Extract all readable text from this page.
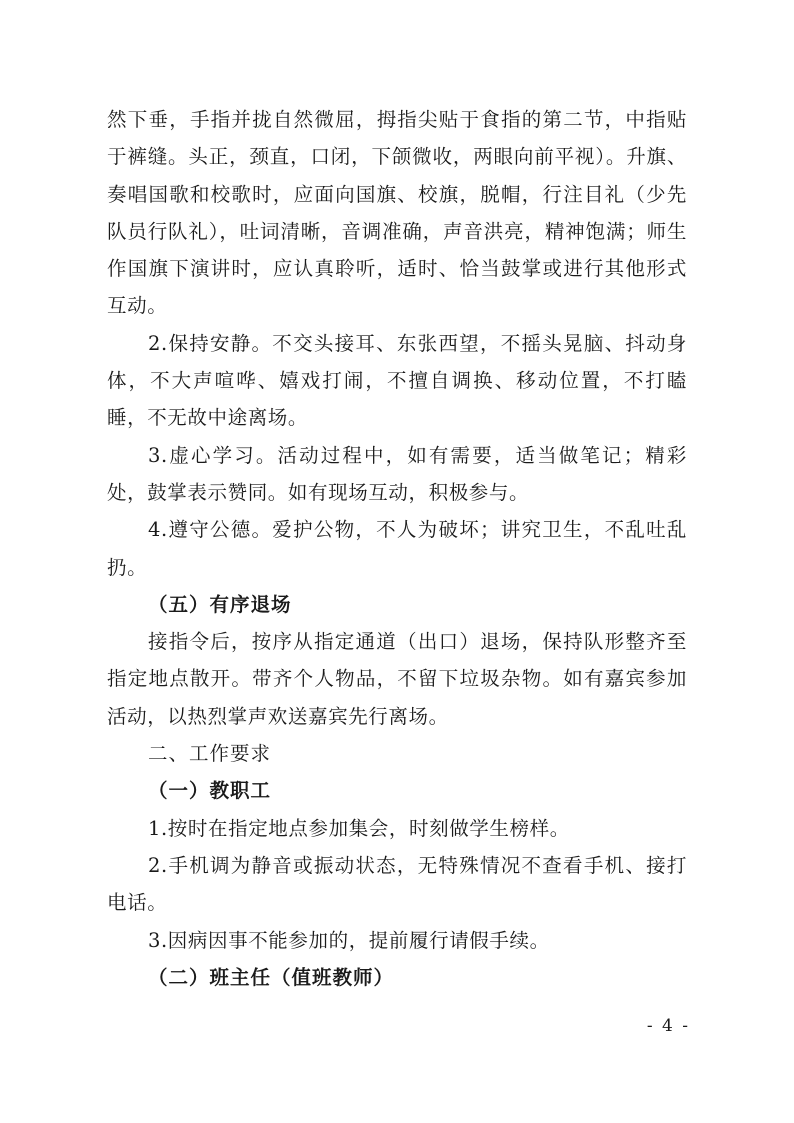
然下垂，手指并拢自然微屈，拇指尖贴于食指的第二节，中指贴于裤缝。头正，颈直，口闭，下颌微收，两眼向前平视）。升旗、奏唱国歌和校歌时，应面向国旗、校旗，脱帽，行注目礼（少先队员行队礼），吐词清晰，音调准确，声音洪亮，精神饱满；师生作国旗下演讲时，应认真聆听，适时、恰当鼓掌或进行其他形式互动。

2.保持安静。不交头接耳、东张西望，不摇头晃脑、抖动身体，不大声喧哗、嬉戏打闹，不擅自调换、移动位置，不打瞌睡，不无故中途离场。

3.虚心学习。活动过程中，如有需要，适当做笔记；精彩处，鼓掌表示赞同。如有现场互动，积极参与。

4.遵守公德。爱护公物，不人为破坏；讲究卫生，不乱吐乱扔。

（五）有序退场

接指令后，按序从指定通道（出口）退场，保持队形整齐至指定地点散开。带齐个人物品，不留下垃圾杂物。如有嘉宾参加活动，以热烈掌声欢送嘉宾先行离场。

二、工作要求

（一）教职工

1.按时在指定地点参加集会，时刻做学生榜样。

2.手机调为静音或振动状态，无特殊情况不查看手机、接打电话。

3.因病因事不能参加的，提前履行请假手续。

（二）班主任（值班教师）

- 4 -
